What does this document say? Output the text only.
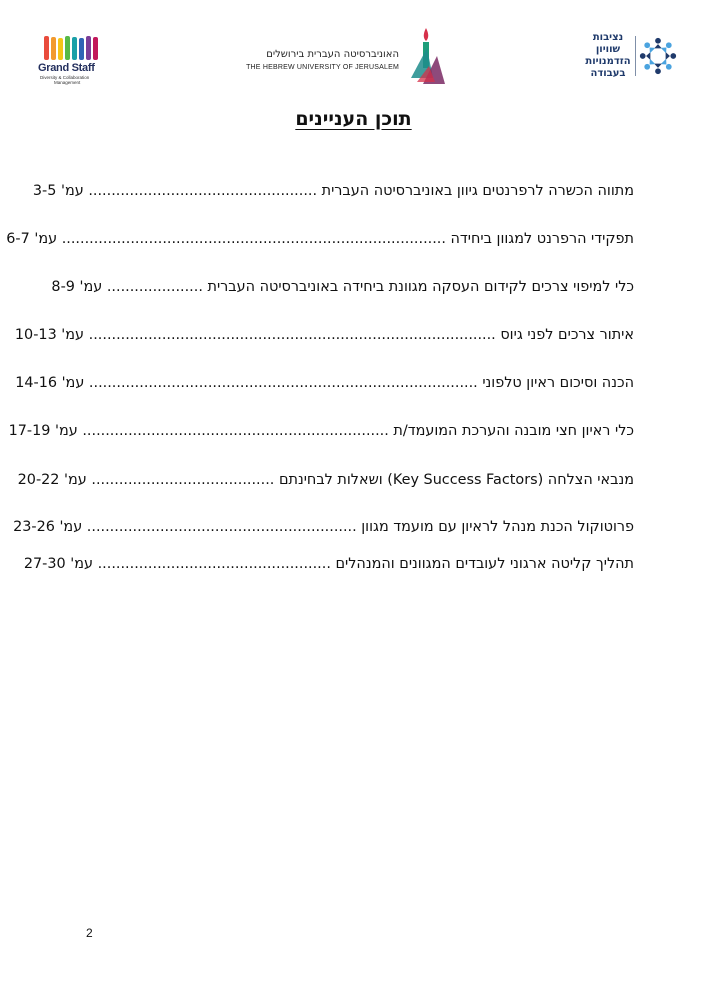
Grand Staff
Diversity & Collaboration
Management
האוניברסיטה העברית בירושלים
THE HEBREW UNIVERSITY OF JERUSALEM
נציבות
שוויון
הזדמנויות
בעבודה
תוכן העניינים
מתווה הכשרה לרפרנטים גיוון באוניברסיטה העברית .................................................. עמ' 3-5
תפקידי הרפרנט למגוון ביחידה .................................................................................... עמ' 6-7
כלי למיפוי צרכים לקידום העסקה מגוונת ביחידה באוניברסיטה העברית ..................... עמ' 8-9
איתור צרכים לפני גיוס ......................................................................................... עמ' 10-13
הכנה וסיכום ראיון טלפוני ..................................................................................... עמ' 14-16
כלי ראיון חצי מובנה והערכת המועמד/ת ................................................................... עמ' 17-19
מנבאי הצלחה (Key Success Factors) ושאלות לבחינתם ........................................ עמ' 20-22
פרוטוקול הכנת מנהל לראיון עם מועמד מגוון ........................................................... עמ' 23-26
תהליך קליטה ארגוני לעובדים המגוונים והמנהלים ................................................... עמ' 27-30
2
